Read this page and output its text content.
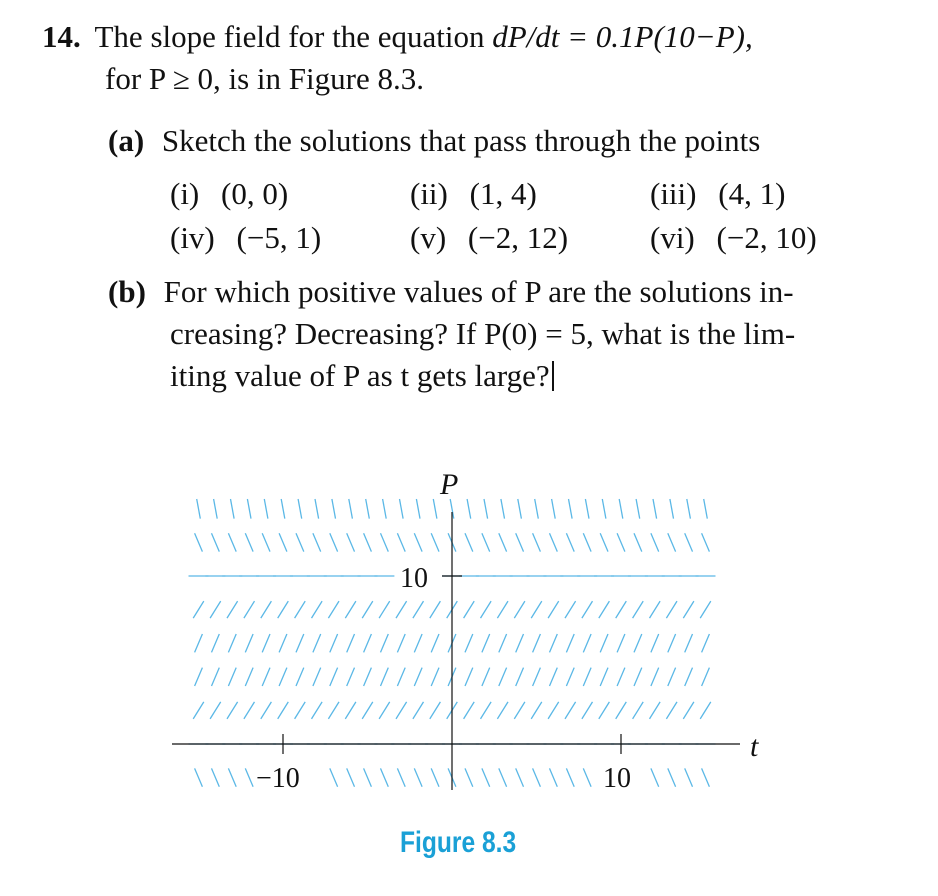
14. The slope field for the equation dP/dt = 0.1P(10−P),
for P ≥ 0, is in Figure 8.3.
(a) Sketch the solutions that pass through the points
(i) (0, 0)	(ii) (1, 4)	(iii) (4, 1)
(iv) (−5, 1)	(v) (−2, 12)	(vi) (−2, 10)
(b) For which positive values of P are the solutions in-
creasing? Decreasing? If P(0) = 5, what is the lim-
iting value of P as t gets large?
P
t
10
−10	10
Figure 8.3
